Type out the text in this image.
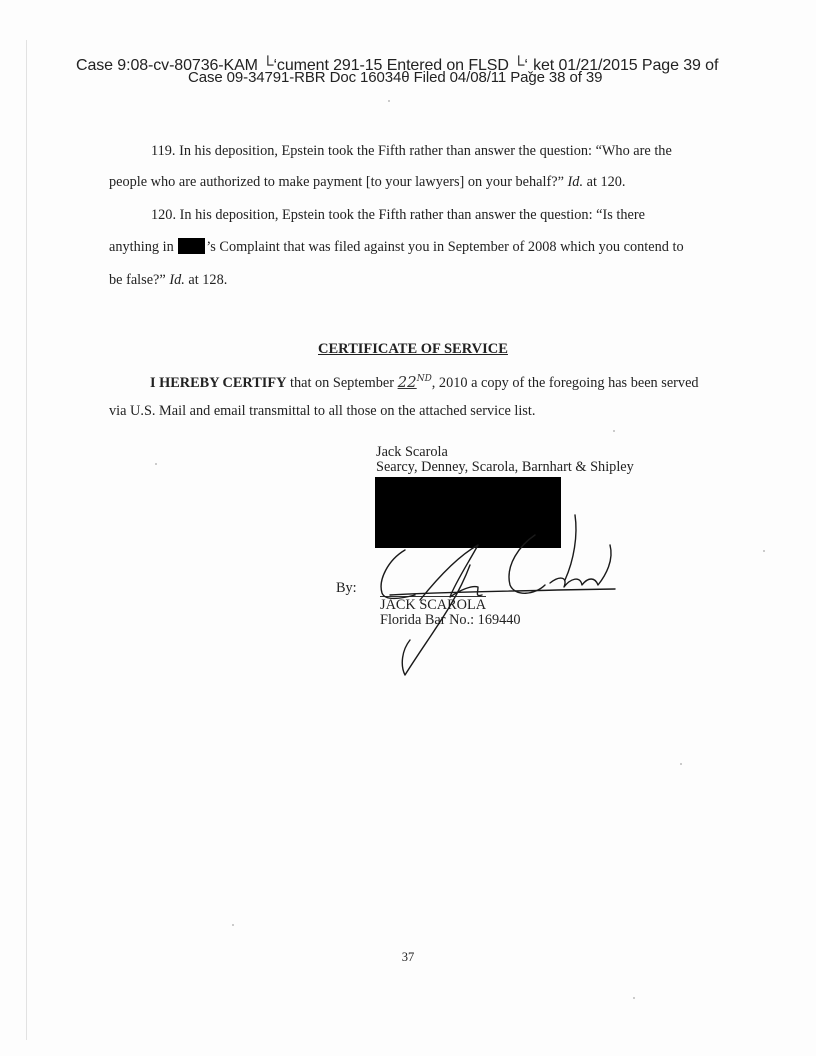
Case 9:08-cv-80736-KAM └‘cument 291-15 Entered on FLSD └‘ˬket 01/21/2015 Page 39 of
Case 09-34791-RBR Doc 16034θ Filed 04/08/11 Page 38 of 39
119. In his deposition, Epstein took the Fifth rather than answer the question: “Who are the
people who are authorized to make payment [to your lawyers] on your behalf?” Id. at 120.
120. In his deposition, Epstein took the Fifth rather than answer the question: “Is there
anything in ’s Complaint that was filed against you in September of 2008 which you contend to
be false?” Id. at 128.
CERTIFICATE OF SERVICE
I HEREBY CERTIFY that on September 22ND, 2010 a copy of the foregoing has been served
via U.S. Mail and email transmittal to all those on the attached service list.
Jack Scarola
Searcy, Denney, Scarola, Barnhart & Shipley
By:
JACK SCAROLA
Florida Bar No.: 169440
37
